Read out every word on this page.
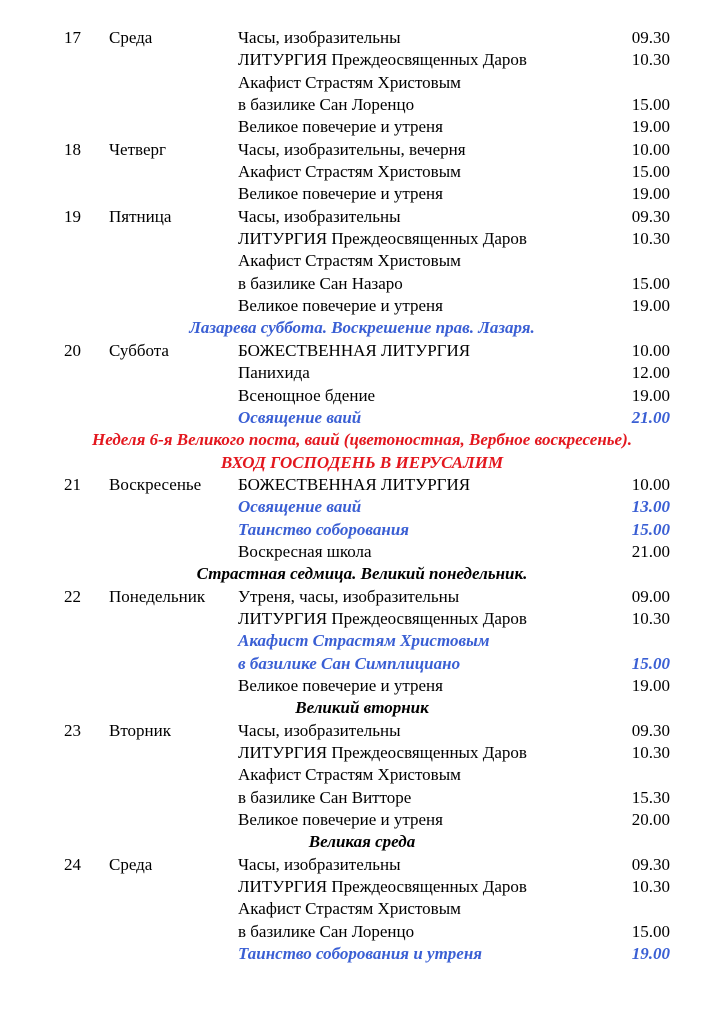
17 Среда	Часы, изобразительны	09.30
ЛИТУРГИЯ Преждеосвященных Даров	10.30
Акафист Страстям Христовым
в базилике Сан Лоренцо	15.00
Великое повечерие и утреня	19.00
18 Четверг	Часы, изобразительны, вечерня	10.00
Акафист Страстям Христовым	15.00
Великое повечерие и утреня	19.00
19 Пятница	Часы, изобразительны	09.30
ЛИТУРГИЯ Преждеосвященных Даров	10.30
Акафист Страстям Христовым
в базилике Сан Назаро	15.00
Великое повечерие и утреня	19.00
Лазарева суббота. Воскрешение прав. Лазаря.
20 Суббота	БОЖЕСТВЕННАЯ ЛИТУРГИЯ	10.00
Панихида	12.00
Всенощное бдение	19.00
Освящение ваий	21.00
Неделя 6-я Великого поста, ваий (цветоностная, Вербное воскресенье).
ВХОД ГОСПОДЕНЬ В ИЕРУСАЛИМ
21 Воскресенье БОЖЕСТВЕННАЯ ЛИТУРГИЯ	10.00
Освящение ваий	13.00
Таинство соборования	15.00
Воскресная школа	21.00
Страстная седмица. Великий понедельник.
22 Понедельник Утреня, часы, изобразительны	09.00
ЛИТУРГИЯ Преждеосвященных Даров	10.30
Акафист Страстям Христовым
в базилике Сан Симплициано	15.00
Великое повечерие и утреня	19.00
Великий вторник
23 Вторник	Часы, изобразительны	09.30
ЛИТУРГИЯ Преждеосвященных Даров	10.30
Акафист Страстям Христовым
в базилике Сан Витторе	15.30
Великое повечерие и утреня	20.00
Великая среда
24 Среда	Часы, изобразительны	09.30
ЛИТУРГИЯ Преждеосвященных Даров	10.30
Акафист Страстям Христовым
в базилике Сан Лоренцо	15.00
Таинство соборования и утреня	19.00
